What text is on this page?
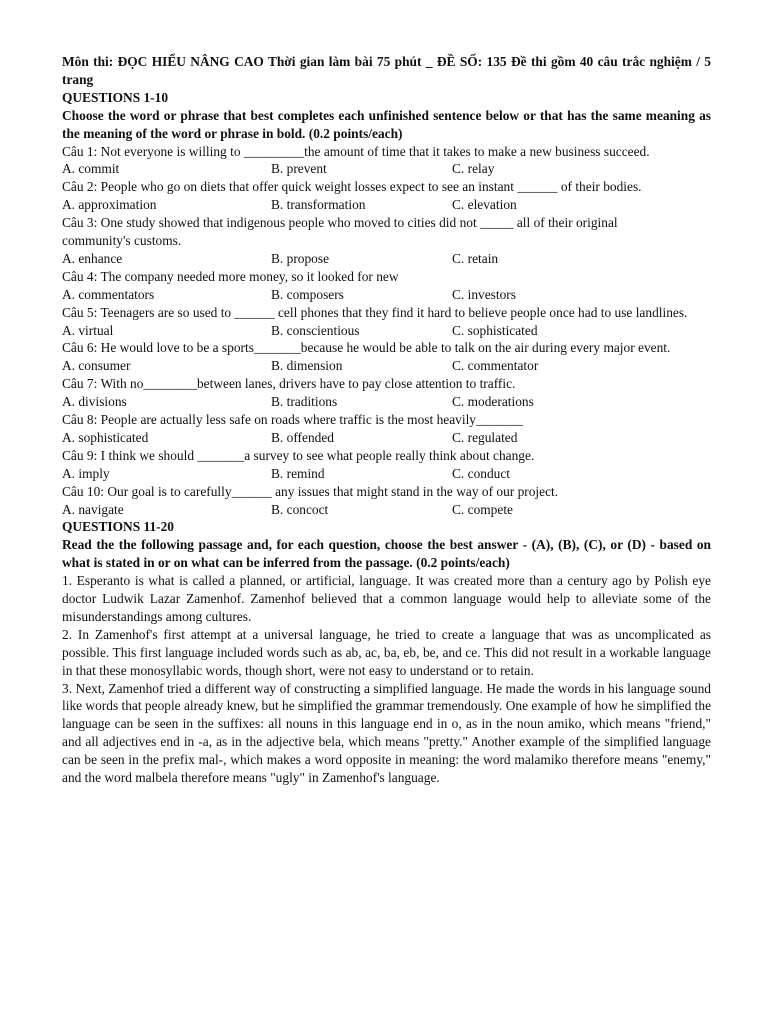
Môn thi: ĐỌC HIỂU NÂNG CAO Thời gian làm bài 75 phút _ ĐỀ SỐ: 135 Đề thi gồm 40 câu trắc nghiệm / 5 trang

QUESTIONS 1-10

Choose the word or phrase that best completes each unfinished sentence below or that has the same meaning as the meaning of the word or phrase in bold. (0.2 points/each)

Câu 1: Not everyone is willing to _________the amount of time that it takes to make a new business succeed.

A. commit	B. prevent	C. relay

Câu 2: People who go on diets that offer quick weight losses expect to see an instant ______ of their bodies.

A. approximation	B. transformation	C. elevation

Câu 3: One study showed that indigenous people who moved to cities did not _____ all of their original community's customs.

A. enhance	B. propose	C. retain

Câu 4: The company needed more money, so it looked for new

A. commentators	B. composers	C. investors

Câu 5: Teenagers are so used to ______ cell phones that they find it hard to believe people once had to use landlines.

A. virtual	B. conscientious	C. sophisticated

Câu 6: He would love to be a sports_______because he would be able to talk on the air during every major event.

A. consumer	B. dimension	C. commentator

Câu 7: With no________between lanes, drivers have to pay close attention to traffic.

A. divisions	B. traditions	C. moderations

Câu 8: People are actually less safe on roads where traffic is the most heavily_______

A. sophisticated	B. offended	C. regulated

Câu 9: I think we should _______a survey to see what people really think about change.

A. imply	B. remind	C. conduct

Câu 10: Our goal is to carefully______ any issues that might stand in the way of our project.

A. navigate	B. concoct	C. compete

QUESTIONS 11-20

Read the the following passage and, for each question, choose the best answer - (A), (B), (C), or (D) - based on what is stated in or on what can be inferred from the passage. (0.2 points/each)

1. Esperanto is what is called a planned, or artificial, language. It was created more than a century ago by Polish eye doctor Ludwik Lazar Zamenhof. Zamenhof believed that a common language would help to alleviate some of the misunderstandings among cultures.

2. In Zamenhof's first attempt at a universal language, he tried to create a language that was as uncomplicated as possible. This first language included words such as ab, ac, ba, eb, be, and ce. This did not result in a workable language in that these monosyllabic words, though short, were not easy to understand or to retain.

3. Next, Zamenhof tried a different way of constructing a simplified language. He made the words in his language sound like words that people already knew, but he simplified the grammar tremendously. One example of how he simplified the language can be seen in the suffixes: all nouns in this language end in o, as in the noun amiko, which means "friend," and all adjectives end in -a, as in the adjective bela, which means "pretty." Another example of the simplified language can be seen in the prefix mal-, which makes a word opposite in meaning: the word malamiko therefore means "enemy," and the word malbela therefore means "ugly" in Zamenhof's language.
